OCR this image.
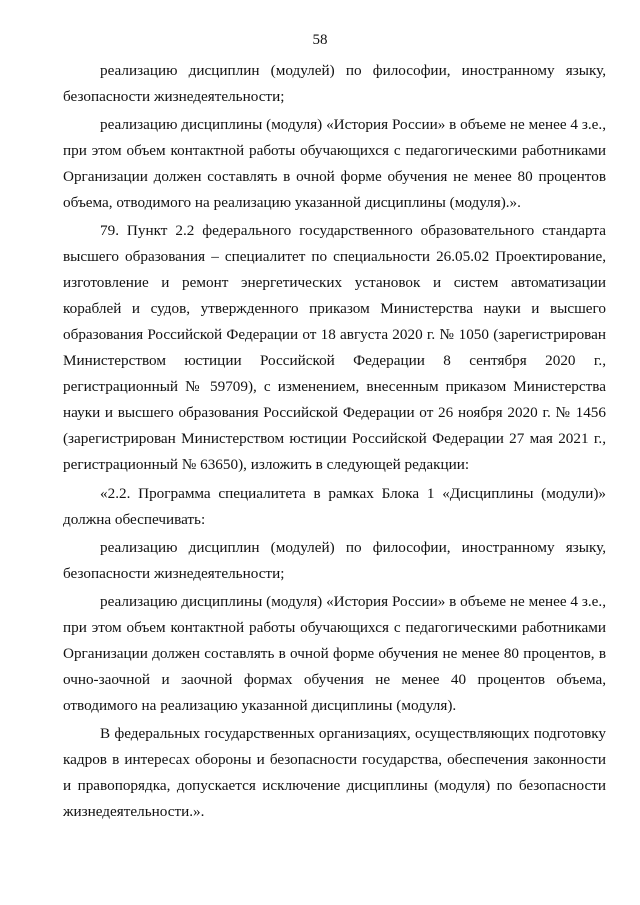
58

реализацию дисциплин (модулей) по философии, иностранному языку, безопасности жизнедеятельности;

реализацию дисциплины (модуля) «История России» в объеме не менее 4 з.е., при этом объем контактной работы обучающихся с педагогическими работниками Организации должен составлять в очной форме обучения не менее 80 процентов объема, отводимого на реализацию указанной дисциплины (модуля).».

79. Пункт 2.2 федерального государственного образовательного стандарта высшего образования – специалитет по специальности 26.05.02 Проектирование, изготовление и ремонт энергетических установок и систем автоматизации кораблей и судов, утвержденного приказом Министерства науки и высшего образования Российской Федерации от 18 августа 2020 г. № 1050 (зарегистрирован Министерством юстиции Российской Федерации 8 сентября 2020 г., регистрационный № 59709), с изменением, внесенным приказом Министерства науки и высшего образования Российской Федерации от 26 ноября 2020 г. № 1456 (зарегистрирован Министерством юстиции Российской Федерации 27 мая 2021 г., регистрационный № 63650), изложить в следующей редакции:

«2.2. Программа специалитета в рамках Блока 1 «Дисциплины (модули)» должна обеспечивать:

реализацию дисциплин (модулей) по философии, иностранному языку, безопасности жизнедеятельности;

реализацию дисциплины (модуля) «История России» в объеме не менее 4 з.е., при этом объем контактной работы обучающихся с педагогическими работниками Организации должен составлять в очной форме обучения не менее 80 процентов, в очно-заочной и заочной формах обучения не менее 40 процентов объема, отводимого на реализацию указанной дисциплины (модуля).

В федеральных государственных организациях, осуществляющих подготовку кадров в интересах обороны и безопасности государства, обеспечения законности и правопорядка, допускается исключение дисциплины (модуля) по безопасности жизнедеятельности.».
